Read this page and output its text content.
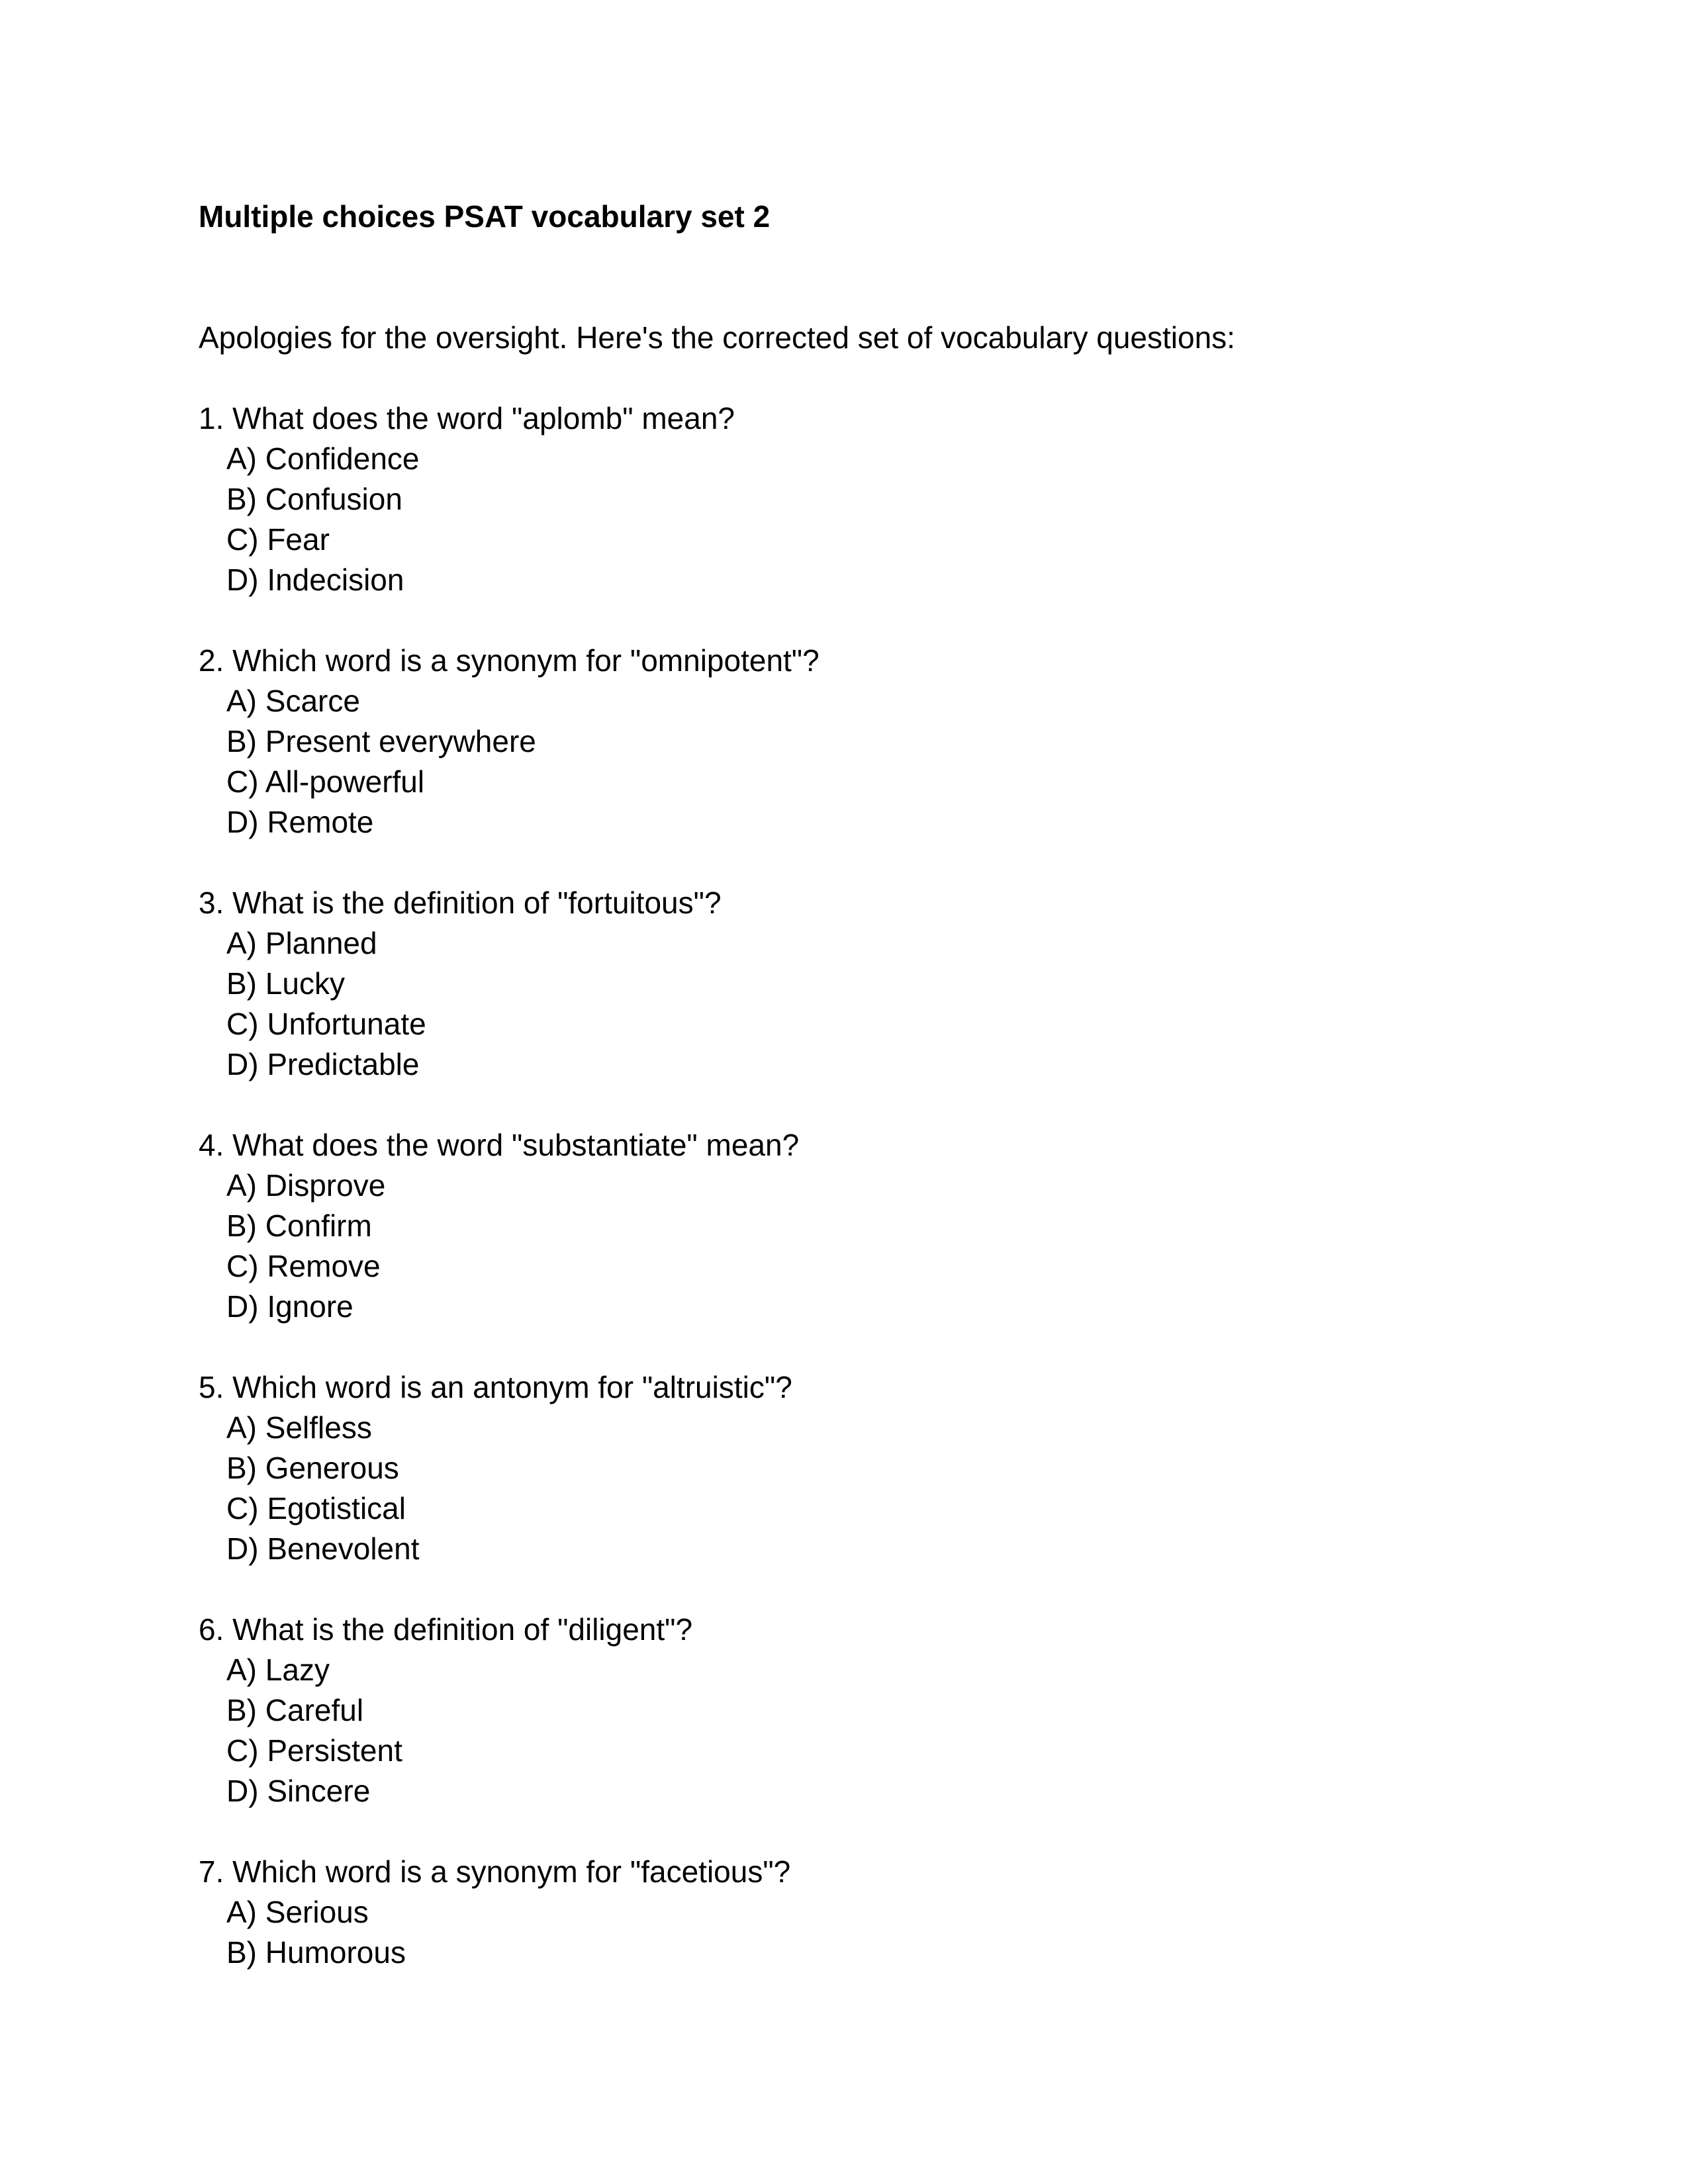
Multiple choices PSAT vocabulary set 2
Apologies for the oversight. Here's the corrected set of vocabulary questions:
1. What does the word "aplomb" mean?
A) Confidence
B) Confusion
C) Fear
D) Indecision
2. Which word is a synonym for "omnipotent"?
A) Scarce
B) Present everywhere
C) All-powerful
D) Remote
3. What is the definition of "fortuitous"?
A) Planned
B) Lucky
C) Unfortunate
D) Predictable
4. What does the word "substantiate" mean?
A) Disprove
B) Confirm
C) Remove
D) Ignore
5. Which word is an antonym for "altruistic"?
A) Selfless
B) Generous
C) Egotistical
D) Benevolent
6. What is the definition of "diligent"?
A) Lazy
B) Careful
C) Persistent
D) Sincere
7. Which word is a synonym for "facetious"?
A) Serious
B) Humorous
